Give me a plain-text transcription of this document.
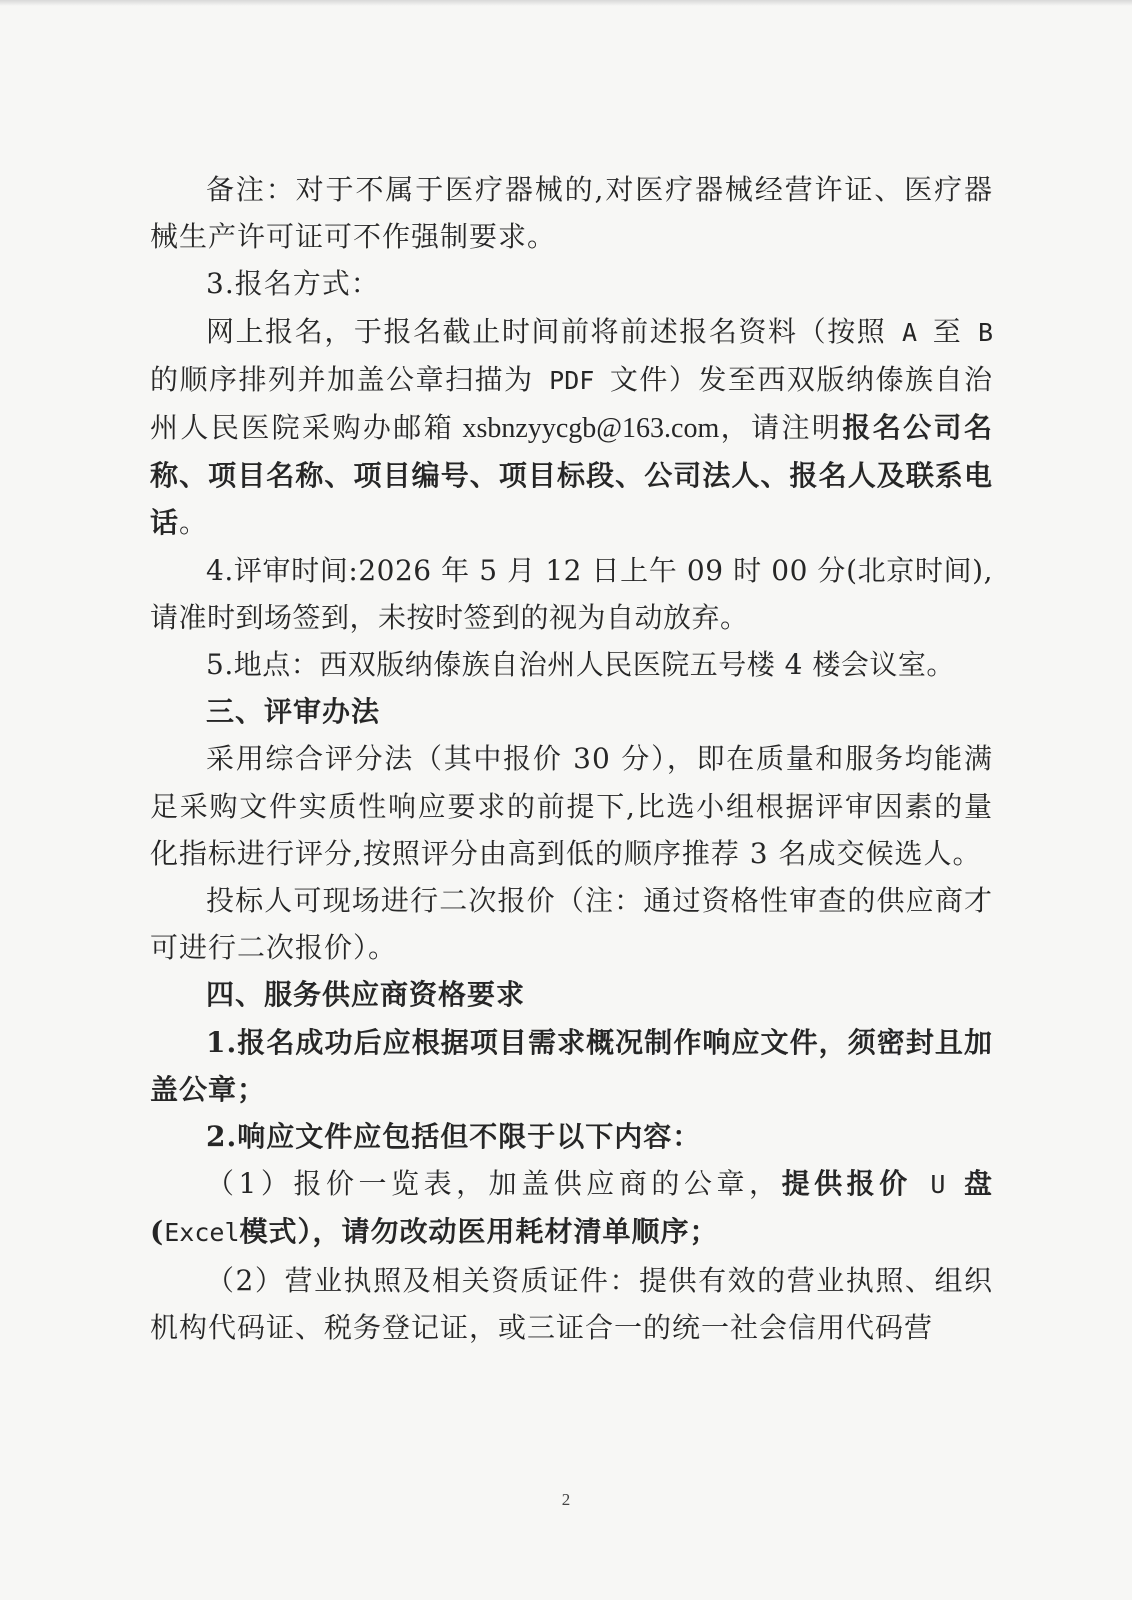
备注：对于不属于医疗器械的,对医疗器械经营许证、医疗器械生产许可证可不作强制要求。

3.报名方式：

网上报名，于报名截止时间前将前述报名资料（按照 A 至 B 的顺序排列并加盖公章扫描为 PDF 文件）发至西双版纳傣族自治州人民医院采购办邮箱 xsbnzyycgb@163.com，请注明报名公司名称、项目名称、项目编号、项目标段、公司法人、报名人及联系电话。

4.评审时间:2026 年 5 月 12 日上午 09 时 00 分(北京时间),请准时到场签到，未按时签到的视为自动放弃。

5.地点：西双版纳傣族自治州人民医院五号楼 4 楼会议室。

三、评审办法

采用综合评分法（其中报价 30 分），即在质量和服务均能满足采购文件实质性响应要求的前提下,比选小组根据评审因素的量化指标进行评分,按照评分由高到低的顺序推荐 3 名成交候选人。

投标人可现场进行二次报价（注：通过资格性审查的供应商才可进行二次报价）。

四、服务供应商资格要求

1.报名成功后应根据项目需求概况制作响应文件，须密封且加盖公章；

2.响应文件应包括但不限于以下内容：

（1）报价一览表，加盖供应商的公章，提供报价 U 盘(Excel模式），请勿改动医用耗材清单顺序；

（2）营业执照及相关资质证件：提供有效的营业执照、组织机构代码证、税务登记证，或三证合一的统一社会信用代码营

2
